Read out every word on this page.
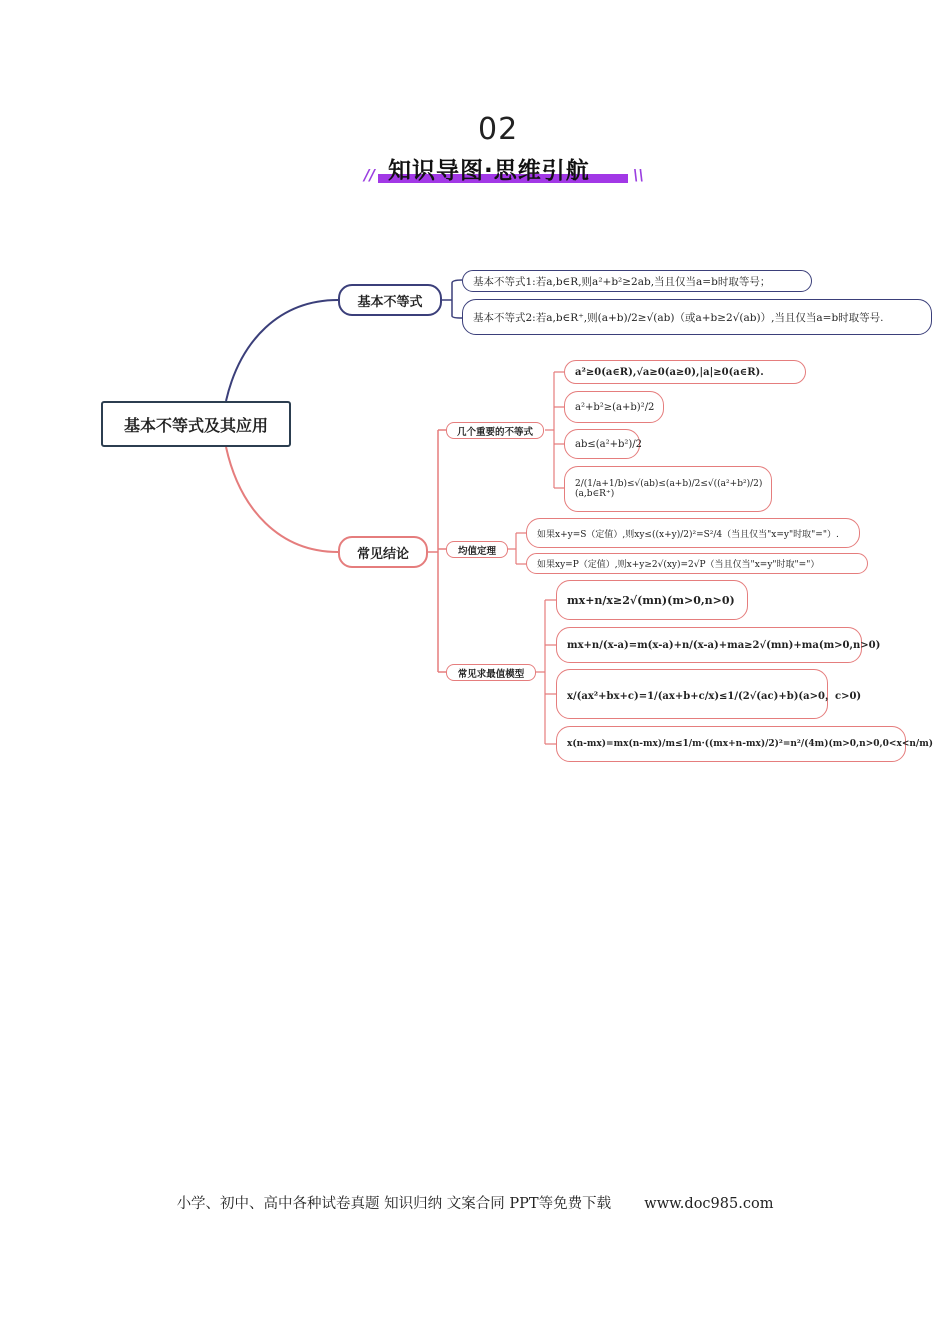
02
//	\\
知识导图·思维引航
基本不等式及其应用
基本不等式
基本不等式1:若a,b∈R,则a²+b²≥2ab,当且仅当a=b时取等号；
基本不等式2:若a,b∈R⁺,则(a+b)/2≥√(ab)（或a+b≥2√(ab)）,当且仅当a=b时取等号.
常见结论
几个重要的不等式
a²≥0(a∈R),√a≥0(a≥0),|a|≥0(a∈R).
a²+b²≥(a+b)²/2
ab≤(a²+b²)/2
2/(1/a+1/b)≤√(ab)≤(a+b)/2≤√((a²+b²)/2)(a,b∈R⁺)
均值定理
如果x+y=S（定值）,则xy≤((x+y)/2)²=S²/4（当且仅当"x=y"时取"="）.
如果xy=P（定值）,则x+y≥2√(xy)=2√P（当且仅当"x=y"时取"="）
常见求最值模型
mx+n/x≥2√(mn)(m>0,n>0)
mx+n/(x-a)=m(x-a)+n/(x-a)+ma≥2√(mn)+ma(m>0,n>0)
x/(ax²+bx+c)=1/(ax+b+c/x)≤1/(2√(ac)+b)(a>0，c>0)
x(n-mx)=mx(n-mx)/m≤1/m·((mx+n-mx)/2)²=n²/(4m)(m>0,n>0,0<x<n/m)
小学、初中、高中各种试卷真题 知识归纳 文案合同 PPT等免费下载 www.doc985.com
